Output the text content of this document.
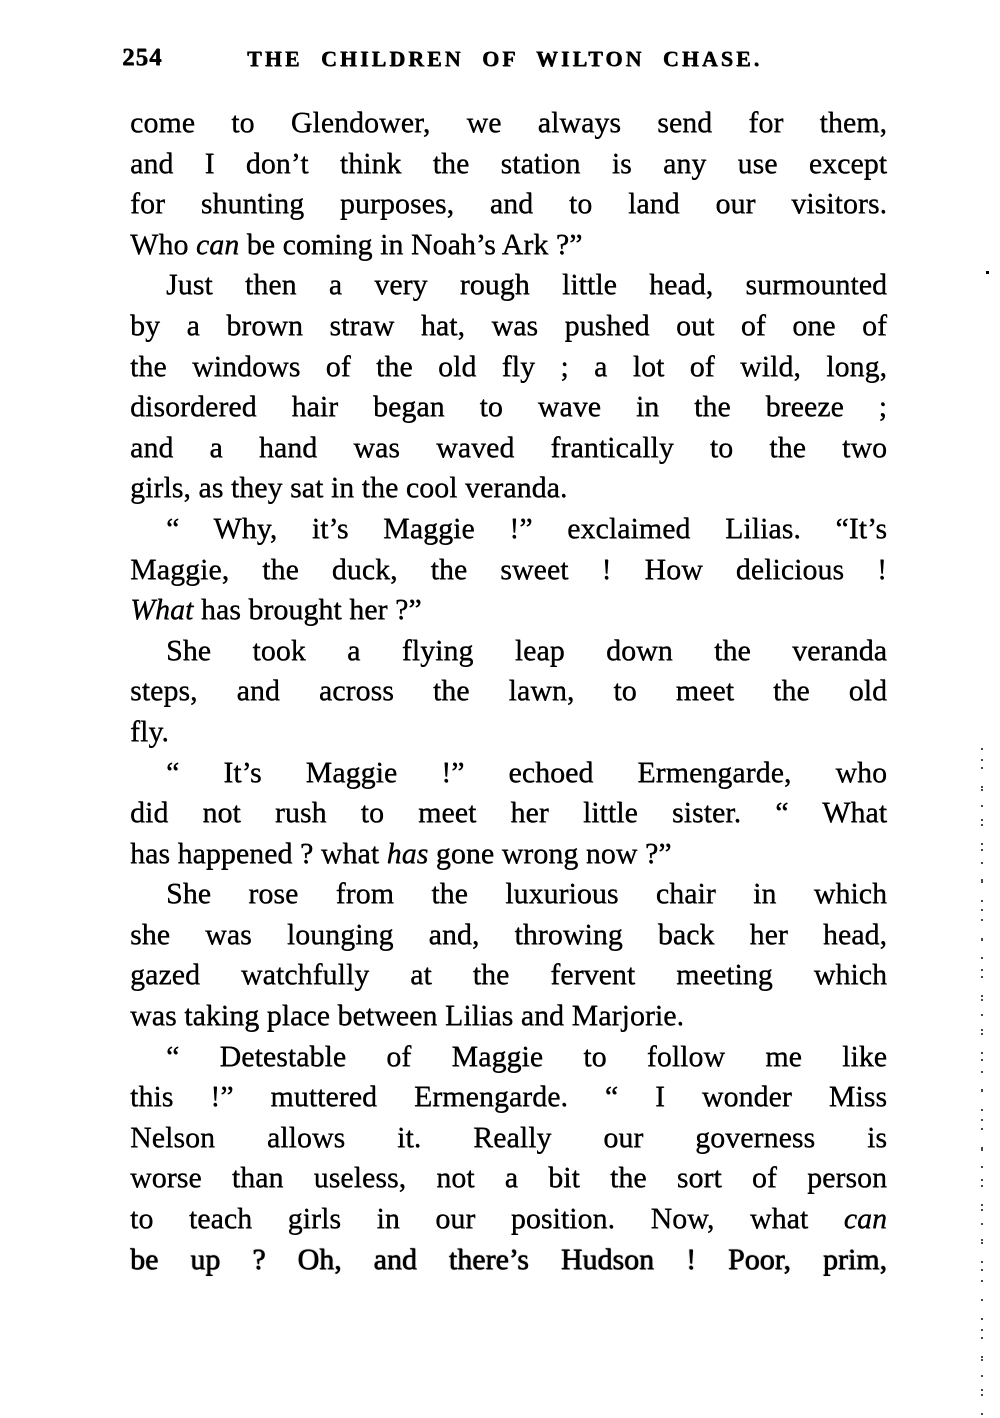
254	THE CHILDREN OF WILTON CHASE.
come to Glendower, we always send for them,
and I don’t think the station is any use except
for shunting purposes, and to land our visitors.
Who can be coming in Noah’s Ark ?”
Just then a very rough little head, surmounted
by a brown straw hat, was pushed out of one of
the windows of the old fly ; a lot of wild, long,
disordered hair began to wave in the breeze ;
and a hand was waved frantically to the two
girls, as they sat in the cool veranda.
“ Why, it’s Maggie !” exclaimed Lilias. “It’s
Maggie, the duck, the sweet ! How delicious !
What has brought her ?”
She took a flying leap down the veranda
steps, and across the lawn, to meet the old
fly.
“ It’s Maggie !” echoed Ermengarde, who
did not rush to meet her little sister. “ What
has happened ? what has gone wrong now ?”
She rose from the luxurious chair in which
she was lounging and, throwing back her head,
gazed watchfully at the fervent meeting which
was taking place between Lilias and Marjorie.
“ Detestable of Maggie to follow me like
this !” muttered Ermengarde. “ I wonder Miss
Nelson allows it. Really our governess is
worse than useless, not a bit the sort of person
to teach girls in our position. Now, what can
be up ? Oh, and there’s Hudson ! Poor, prim,
